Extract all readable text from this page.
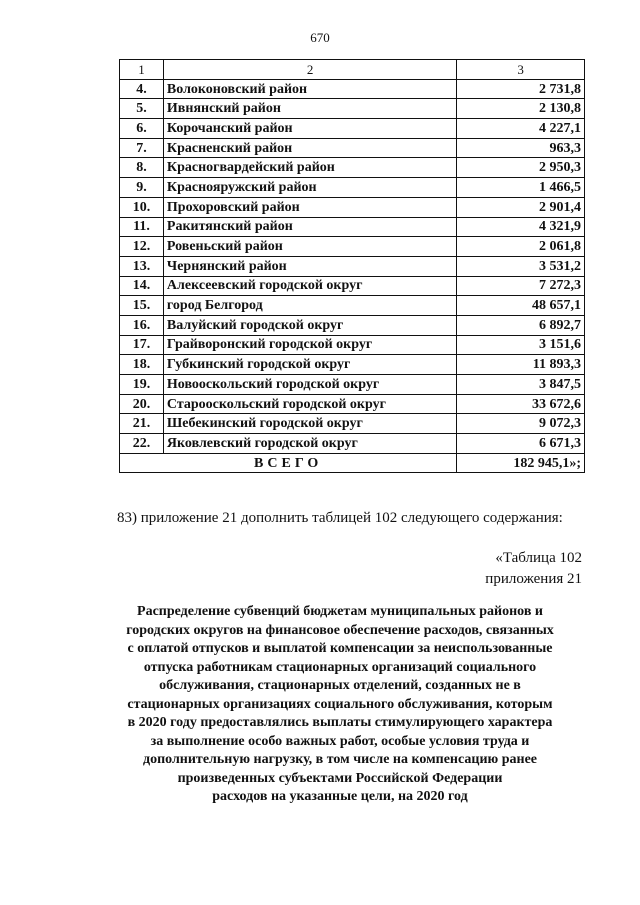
670
1	2	3
4.	Волоконовский район	2 731,8
5.	Ивнянский район	2 130,8
6.	Корочанский район	4 227,1
7.	Красненский район	963,3
8.	Красногвардейский район	2 950,3
9.	Краснояружский район	1 466,5
10.	Прохоровский район	2 901,4
11.	Ракитянский район	4 321,9
12.	Ровеньский район	2 061,8
13.	Чернянский район	3 531,2
14.	Алексеевский городской округ	7 272,3
15.	город Белгород	48 657,1
16.	Валуйский городской округ	6 892,7
17.	Грайворонский городской округ	3 151,6
18.	Губкинский городской округ	11 893,3
19.	Новооскольский городской округ	3 847,5
20.	Старооскольский городской округ	33 672,6
21.	Шебекинский городской округ	9 072,3
22.	Яковлевский городской округ	6 671,3
ВСЕГО		182 945,1»;
83) приложение 21 дополнить таблицей 102 следующего содержания:
«Таблица 102
приложения 21
Распределение субвенций бюджетам муниципальных районов и
городских округов на финансовое обеспечение расходов, связанных
с оплатой отпусков и выплатой компенсации за неиспользованные
отпуска работникам стационарных организаций социального
обслуживания, стационарных отделений, созданных не в
стационарных организациях социального обслуживания, которым
в 2020 году предоставлялись выплаты стимулирующего характера
за выполнение особо важных работ, особые условия труда и
дополнительную нагрузку, в том числе на компенсацию ранее
произведенных субъектами Российской Федерации
расходов на указанные цели, на 2020 год
